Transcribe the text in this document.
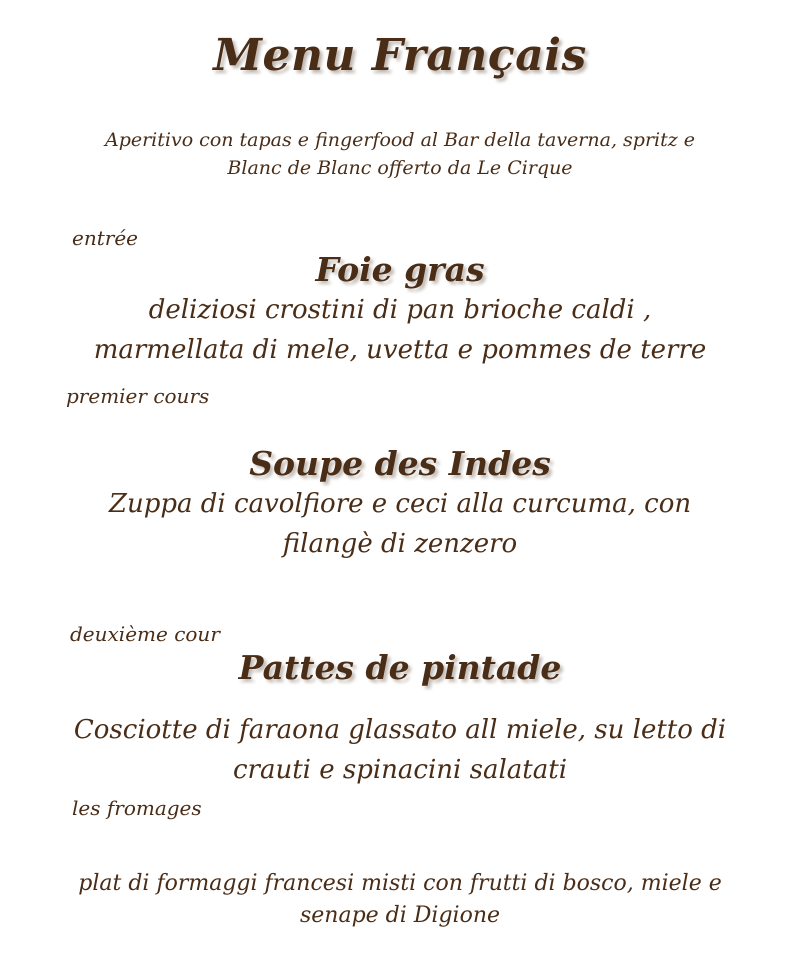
Menu Français
Aperitivo con tapas e fingerfood al Bar della taverna, spritz e Blanc de Blanc offerto da Le Cirque
entrée
Foie gras
deliziosi crostini di pan brioche caldi , marmellata di mele, uvetta e pommes de terre
premier cours
Soupe des Indes
Zuppa di cavolfiore e ceci alla curcuma, con filangè di zenzero
deuxième cour
Pattes de pintade
Cosciotte di faraona glassato all miele, su letto di crauti e spinacini salatati
les fromages
plat di formaggi francesi misti con frutti di bosco, miele e senape di Digione
